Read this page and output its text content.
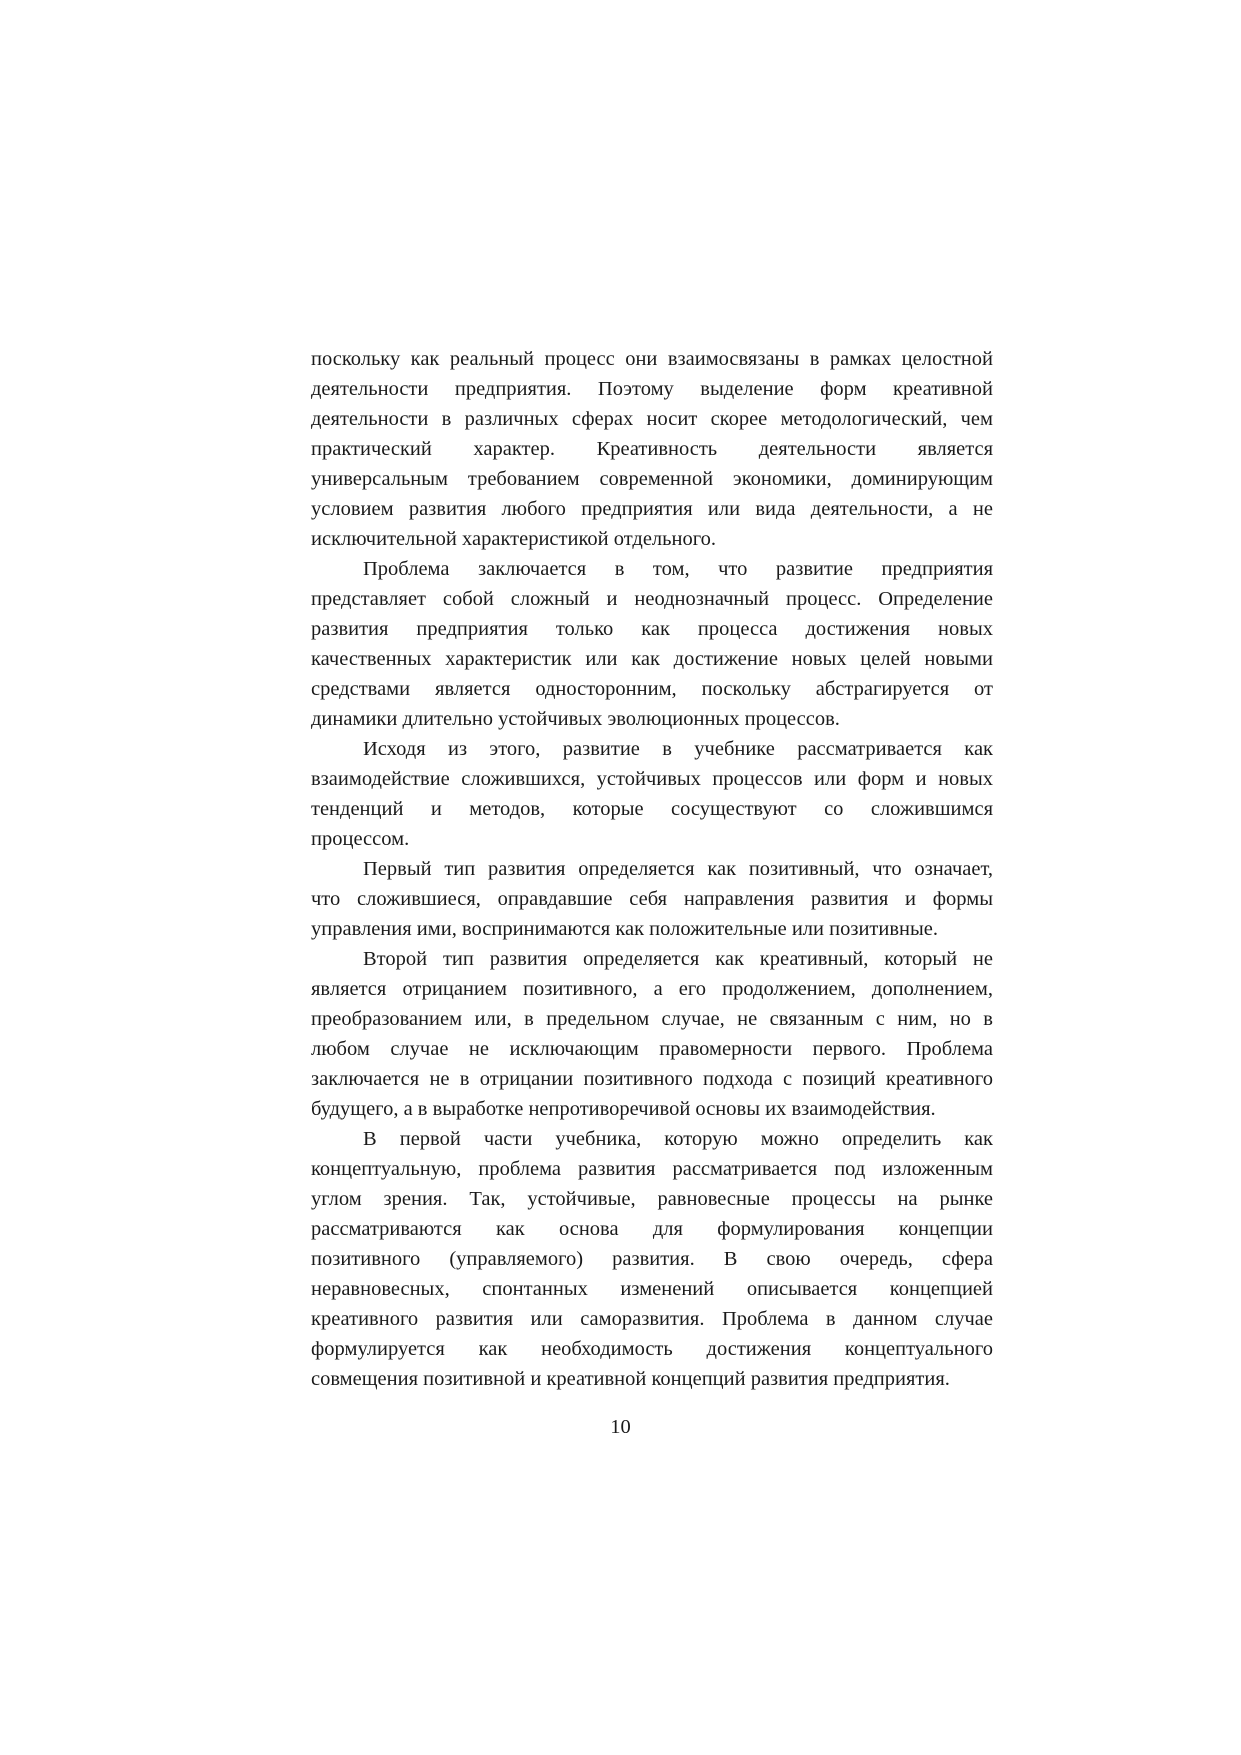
поскольку как реальный процесс они взаимосвязаны в рамках целостной
деятельности предприятия. Поэтому выделение форм креативной
деятельности в различных сферах носит скорее методологический, чем
практический характер. Креативность деятельности является
универсальным требованием современной экономики, доминирующим
условием развития любого предприятия или вида деятельности, а не
исключительной характеристикой отдельного.
Проблема заключается в том, что развитие предприятия
представляет собой сложный и неоднозначный процесс. Определение
развития предприятия только как процесса достижения новых
качественных характеристик или как достижение новых целей новыми
средствами является односторонним, поскольку абстрагируется от
динамики длительно устойчивых эволюционных процессов.
Исходя из этого, развитие в учебнике рассматривается как
взаимодействие сложившихся, устойчивых процессов или форм и новых
тенденций и методов, которые сосуществуют со сложившимся
процессом.
Первый тип развития определяется как позитивный, что означает,
что сложившиеся, оправдавшие себя направления развития и формы
управления ими, воспринимаются как положительные или позитивные.
Второй тип развития определяется как креативный, который не
является отрицанием позитивного, а его продолжением, дополнением,
преобразованием или, в предельном случае, не связанным с ним, но в
любом случае не исключающим правомерности первого. Проблема
заключается не в отрицании позитивного подхода с позиций креативного
будущего, а в выработке непротиворечивой основы их взаимодействия.
В первой части учебника, которую можно определить как
концептуальную, проблема развития рассматривается под изложенным
углом зрения. Так, устойчивые, равновесные процессы на рынке
рассматриваются как основа для формулирования концепции
позитивного (управляемого) развития. В свою очередь, сфера
неравновесных, спонтанных изменений описывается концепцией
креативного развития или саморазвития. Проблема в данном случае
формулируется как необходимость достижения концептуального
совмещения позитивной и креативной концепций развития предприятия.
10
